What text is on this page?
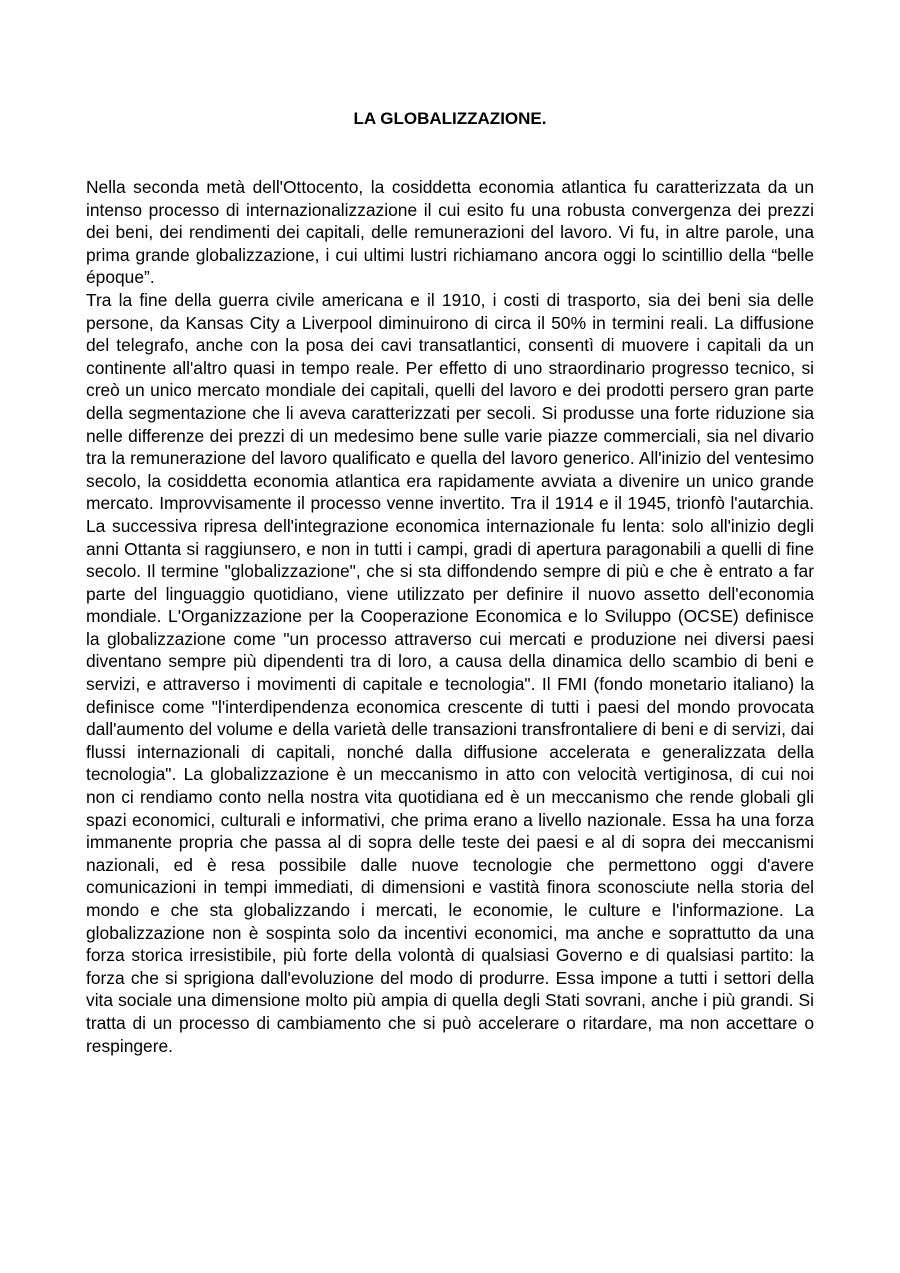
LA GLOBALIZZAZIONE.

Nella seconda metà dell'Ottocento, la cosiddetta economia atlantica fu caratterizzata da un intenso processo di internazionalizzazione il cui esito fu una robusta convergenza dei prezzi dei beni, dei rendimenti dei capitali, delle remunerazioni del lavoro. Vi fu, in altre parole, una prima grande globalizzazione, i cui ultimi lustri richiamano ancora oggi lo scintillio della “belle époque”.

Tra la fine della guerra civile americana e il 1910, i costi di trasporto, sia dei beni sia delle persone, da Kansas City a Liverpool diminuirono di circa il 50% in termini reali. La diffusione del telegrafo, anche con la posa dei cavi transatlantici, consentì di muovere i capitali da un continente all'altro quasi in tempo reale. Per effetto di uno straordinario progresso tecnico, si creò un unico mercato mondiale dei capitali, quelli del lavoro e dei prodotti persero gran parte della segmentazione che li aveva caratterizzati per secoli. Si produsse una forte riduzione sia nelle differenze dei prezzi di un medesimo bene sulle varie piazze commerciali, sia nel divario tra la remunerazione del lavoro qualificato e quella del lavoro generico. All'inizio del ventesimo secolo, la cosiddetta economia atlantica era rapidamente avviata a divenire un unico grande mercato. Improvvisamente il processo venne invertito. Tra il 1914 e il 1945, trionfò l'autarchia. La successiva ripresa dell'integrazione economica internazionale fu lenta: solo all'inizio degli anni Ottanta si raggiunsero, e non in tutti i campi, gradi di apertura paragonabili a quelli di fine secolo. Il termine "globalizzazione", che si sta diffondendo sempre di più e che è entrato a far parte del linguaggio quotidiano, viene utilizzato per definire il nuovo assetto dell'economia mondiale. L'Organizzazione per la Cooperazione Economica e lo Sviluppo (OCSE) definisce la globalizzazione come "un processo attraverso cui mercati e produzione nei diversi paesi diventano sempre più dipendenti tra di loro, a causa della dinamica dello scambio di beni e servizi, e attraverso i movimenti di capitale e tecnologia". Il FMI (fondo monetario italiano) la definisce come "l'interdipendenza economica crescente di tutti i paesi del mondo provocata dall'aumento del volume e della varietà delle transazioni transfrontaliere di beni e di servizi, dai flussi internazionali di capitali, nonché dalla diffusione accelerata e generalizzata della tecnologia". La globalizzazione è un meccanismo in atto con velocità vertiginosa, di cui noi non ci rendiamo conto nella nostra vita quotidiana ed è un meccanismo che rende globali gli spazi economici, culturali e informativi, che prima erano a livello nazionale. Essa ha una forza immanente propria che passa al di sopra delle teste dei paesi e al di sopra dei meccanismi nazionali, ed è resa possibile dalle nuove tecnologie che permettono oggi d'avere comunicazioni in tempi immediati, di dimensioni e vastità finora sconosciute nella storia del mondo e che sta globalizzando i mercati, le economie, le culture e l'informazione. La globalizzazione non è sospinta solo da incentivi economici, ma anche e soprattutto da una forza storica irresistibile, più forte della volontà di qualsiasi Governo e di qualsiasi partito: la forza che si sprigiona dall'evoluzione del modo di produrre. Essa impone a tutti i settori della vita sociale una dimensione molto più ampia di quella degli Stati sovrani, anche i più grandi. Si tratta di un processo di cambiamento che si può accelerare o ritardare, ma non accettare o respingere.
